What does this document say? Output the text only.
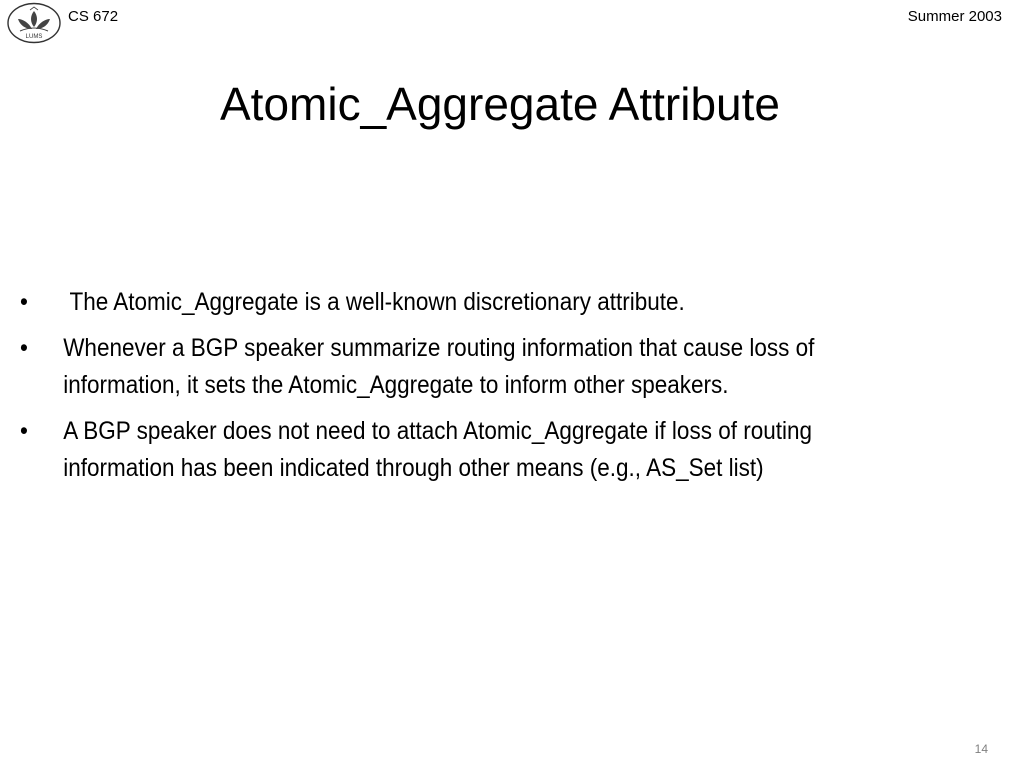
LUMS
CS 672	Summer 2003
Atomic_Aggregate Attribute
•	The Atomic_Aggregate is a well-known discretionary attribute.
•	Whenever a BGP speaker summarize routing information that cause loss of information, it sets the Atomic_Aggregate to inform other speakers.
•	A BGP speaker does not need to attach Atomic_Aggregate if loss of routing information has been indicated through other means (e.g., AS_Set list)
14
